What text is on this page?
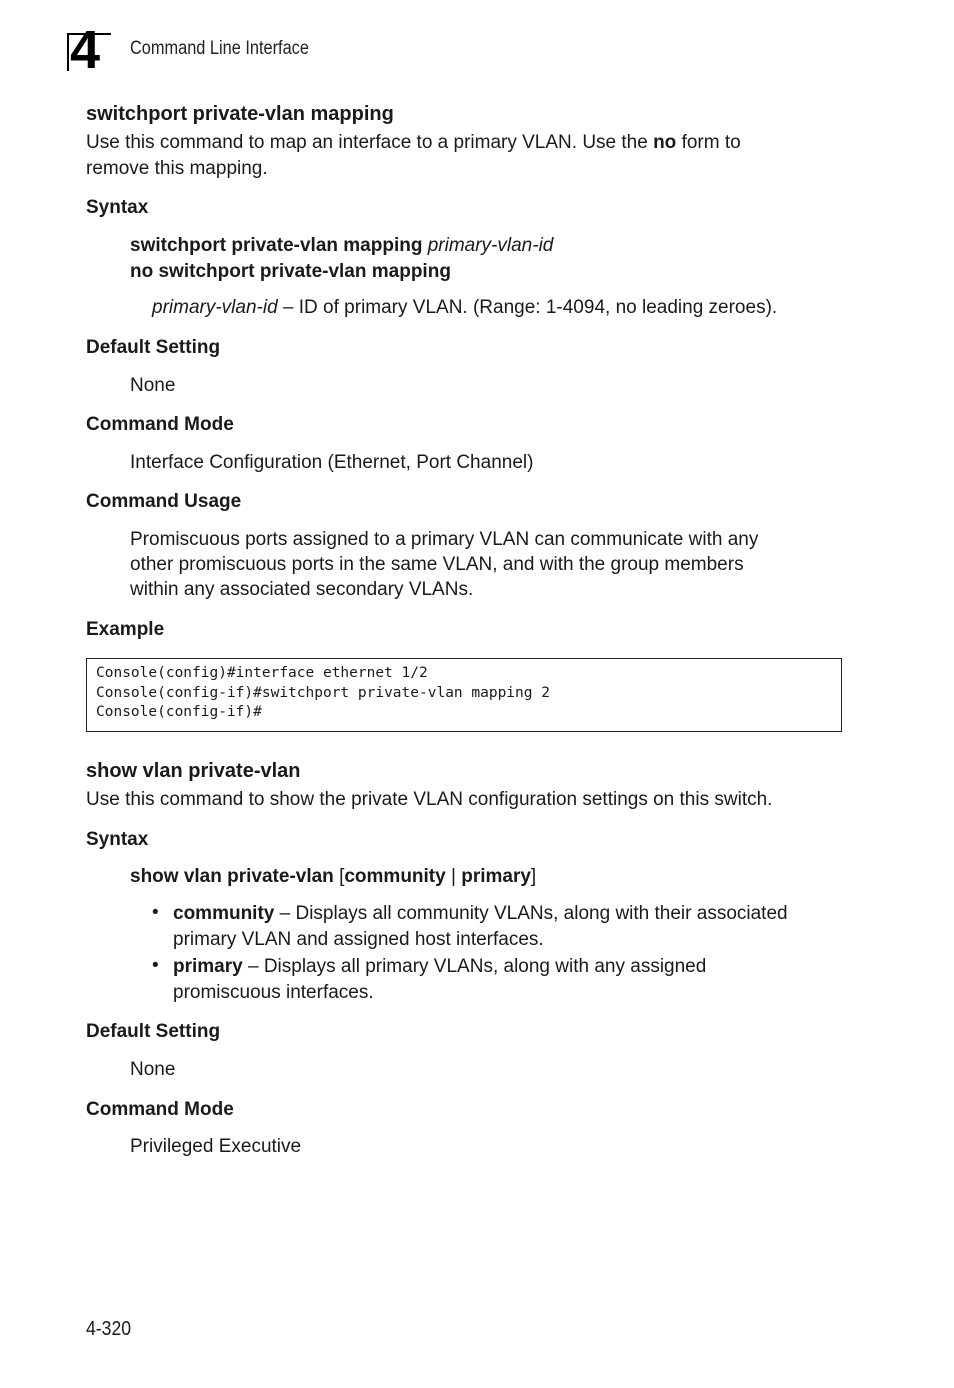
4 Command Line Interface
switchport private-vlan mapping
Use this command to map an interface to a primary VLAN. Use the no form to
remove this mapping.
Syntax
switchport private-vlan mapping primary-vlan-id
no switchport private-vlan mapping
primary-vlan-id – ID of primary VLAN. (Range: 1-4094, no leading zeroes).
Default Setting
None
Command Mode
Interface Configuration (Ethernet, Port Channel)
Command Usage
Promiscuous ports assigned to a primary VLAN can communicate with any
other promiscuous ports in the same VLAN, and with the group members
within any associated secondary VLANs.
Example
Console(config)#interface ethernet 1/2
Console(config-if)#switchport private-vlan mapping 2
Console(config-if)#
show vlan private-vlan
Use this command to show the private VLAN configuration settings on this switch.
Syntax
show vlan private-vlan [community | primary]
• community – Displays all community VLANs, along with their associated
primary VLAN and assigned host interfaces.
• primary – Displays all primary VLANs, along with any assigned
promiscuous interfaces.
Default Setting
None
Command Mode
Privileged Executive
4-320
